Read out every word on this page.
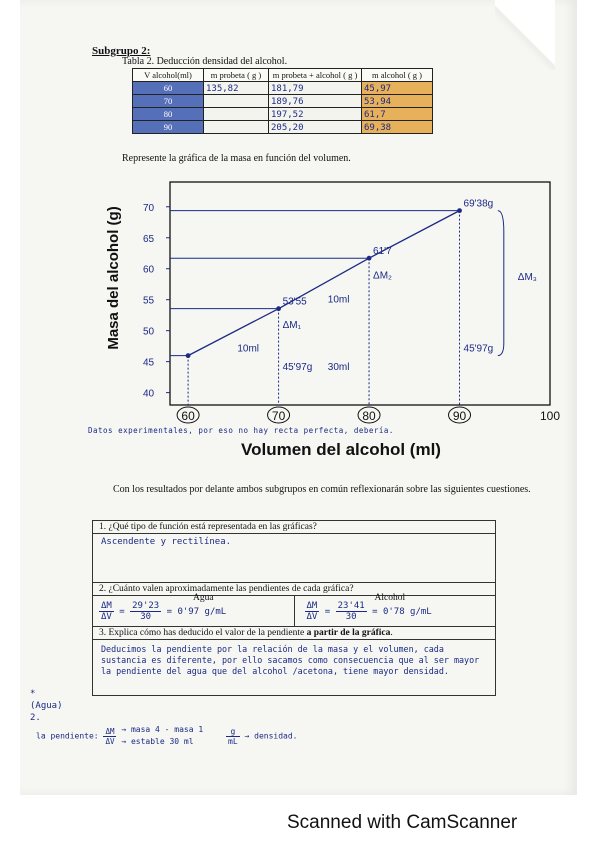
Subgrupo 2:
Tabla 2. Deducción densidad del alcohol.
V alcohol(ml)	m probeta ( g )	m probeta + alcohol ( g )	m alcohol ( g )
60	135,82	181,79	45,97
70		189,76	53,94
80		197,52	61,7
90		205,20	69,38
Represente la gráfica de la masa en función del volumen.
Masa del alcohol (g)
Volumen del alcohol (ml)
60	70	80	90	100
40
45
50
55
60
65
70	69'38g
61'7
53'55
45'97g
45'97g
10ml
10ml
30ml
ΔM₁
ΔM₂	ΔM₃
Datos experimentales, por eso no hay recta perfecta, debería.
Con los resultados por delante ambos subgrupos en común reflexionarán sobre las siguientes cuestiones.
1. ¿Qué tipo de función está representada en las gráficas?
Ascendente y rectilínea.
2. ¿Cuánto valen aproximadamente las pendientes de cada gráfica?
Agua
$\frac{\Delta M}{\Delta V} = \frac{29'23}{30} = 0'97$ g/mL
Alcohol
$\frac{\Delta M}{\Delta V} = \frac{23'41}{30} = 0'78$ g/mL
3. Explica cómo has deducido el valor de la pendiente a partir de la gráfica.
Deducimos la pendiente por la relación de la masa y el volumen, cada sustancia es diferente, por ello sacamos como consecuencia que al ser mayor la pendiente del agua que del alcohol /acetona, tiene mayor densidad.
* (Agua) 2.
la pendiente: $\frac{\Delta M}{\Delta V}$
→ masa 4 - masa 1
→ estable 30 ml
	$\frac{g}{mL}$ → densidad.
Scanned with CamScanner
